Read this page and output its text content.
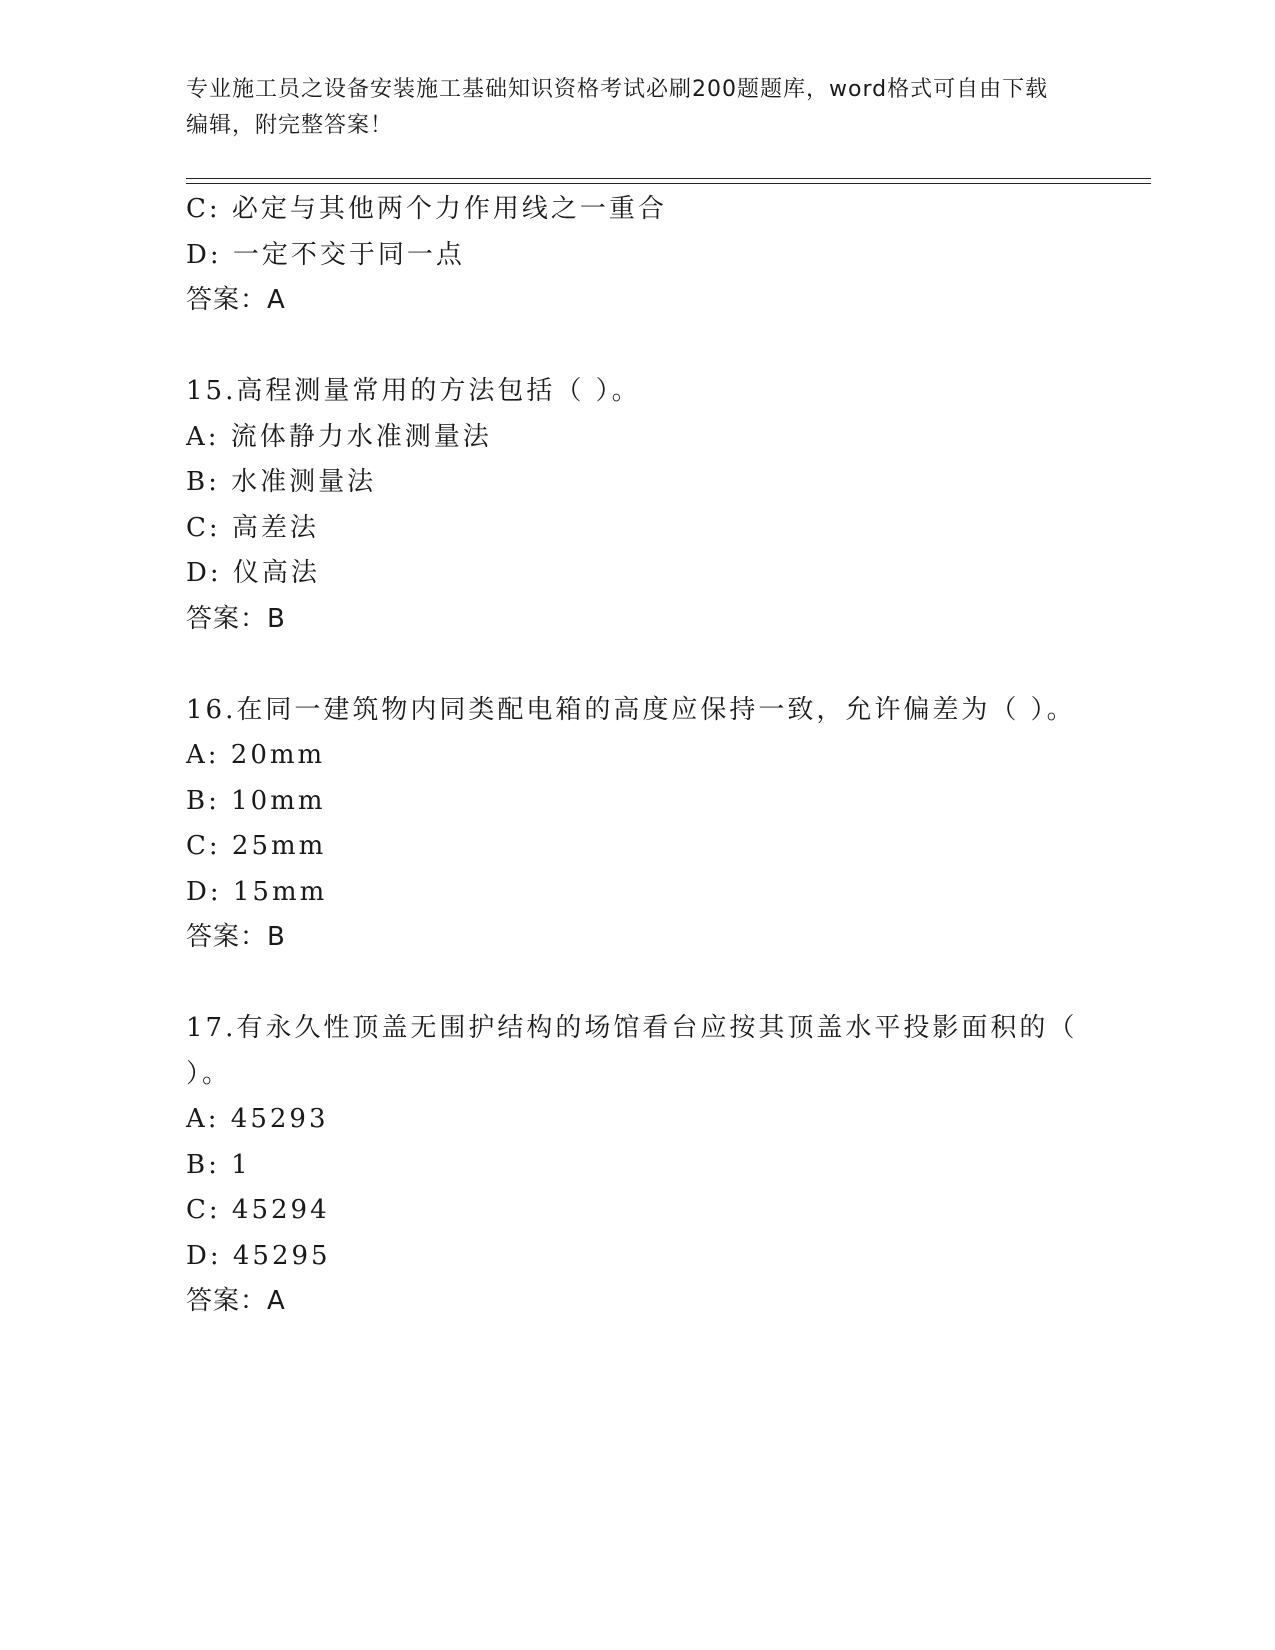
专业施工员之设备安装施工基础知识资格考试必刷200题题库，word格式可自由下载编辑，附完整答案！
C: 必定与其他两个力作用线之一重合
D: 一定不交于同一点
答案：A
15.高程测量常用的方法包括（ ）。
A: 流体静力水准测量法
B: 水准测量法
C: 高差法
D: 仪高法
答案：B
16.在同一建筑物内同类配电箱的高度应保持一致，允许偏差为（ ）。
A: 20mm
B: 10mm
C: 25mm
D: 15mm
答案：B
17.有永久性顶盖无围护结构的场馆看台应按其顶盖水平投影面积的（ ）。
A: 45293
B: 1
C: 45294
D: 45295
答案：A
